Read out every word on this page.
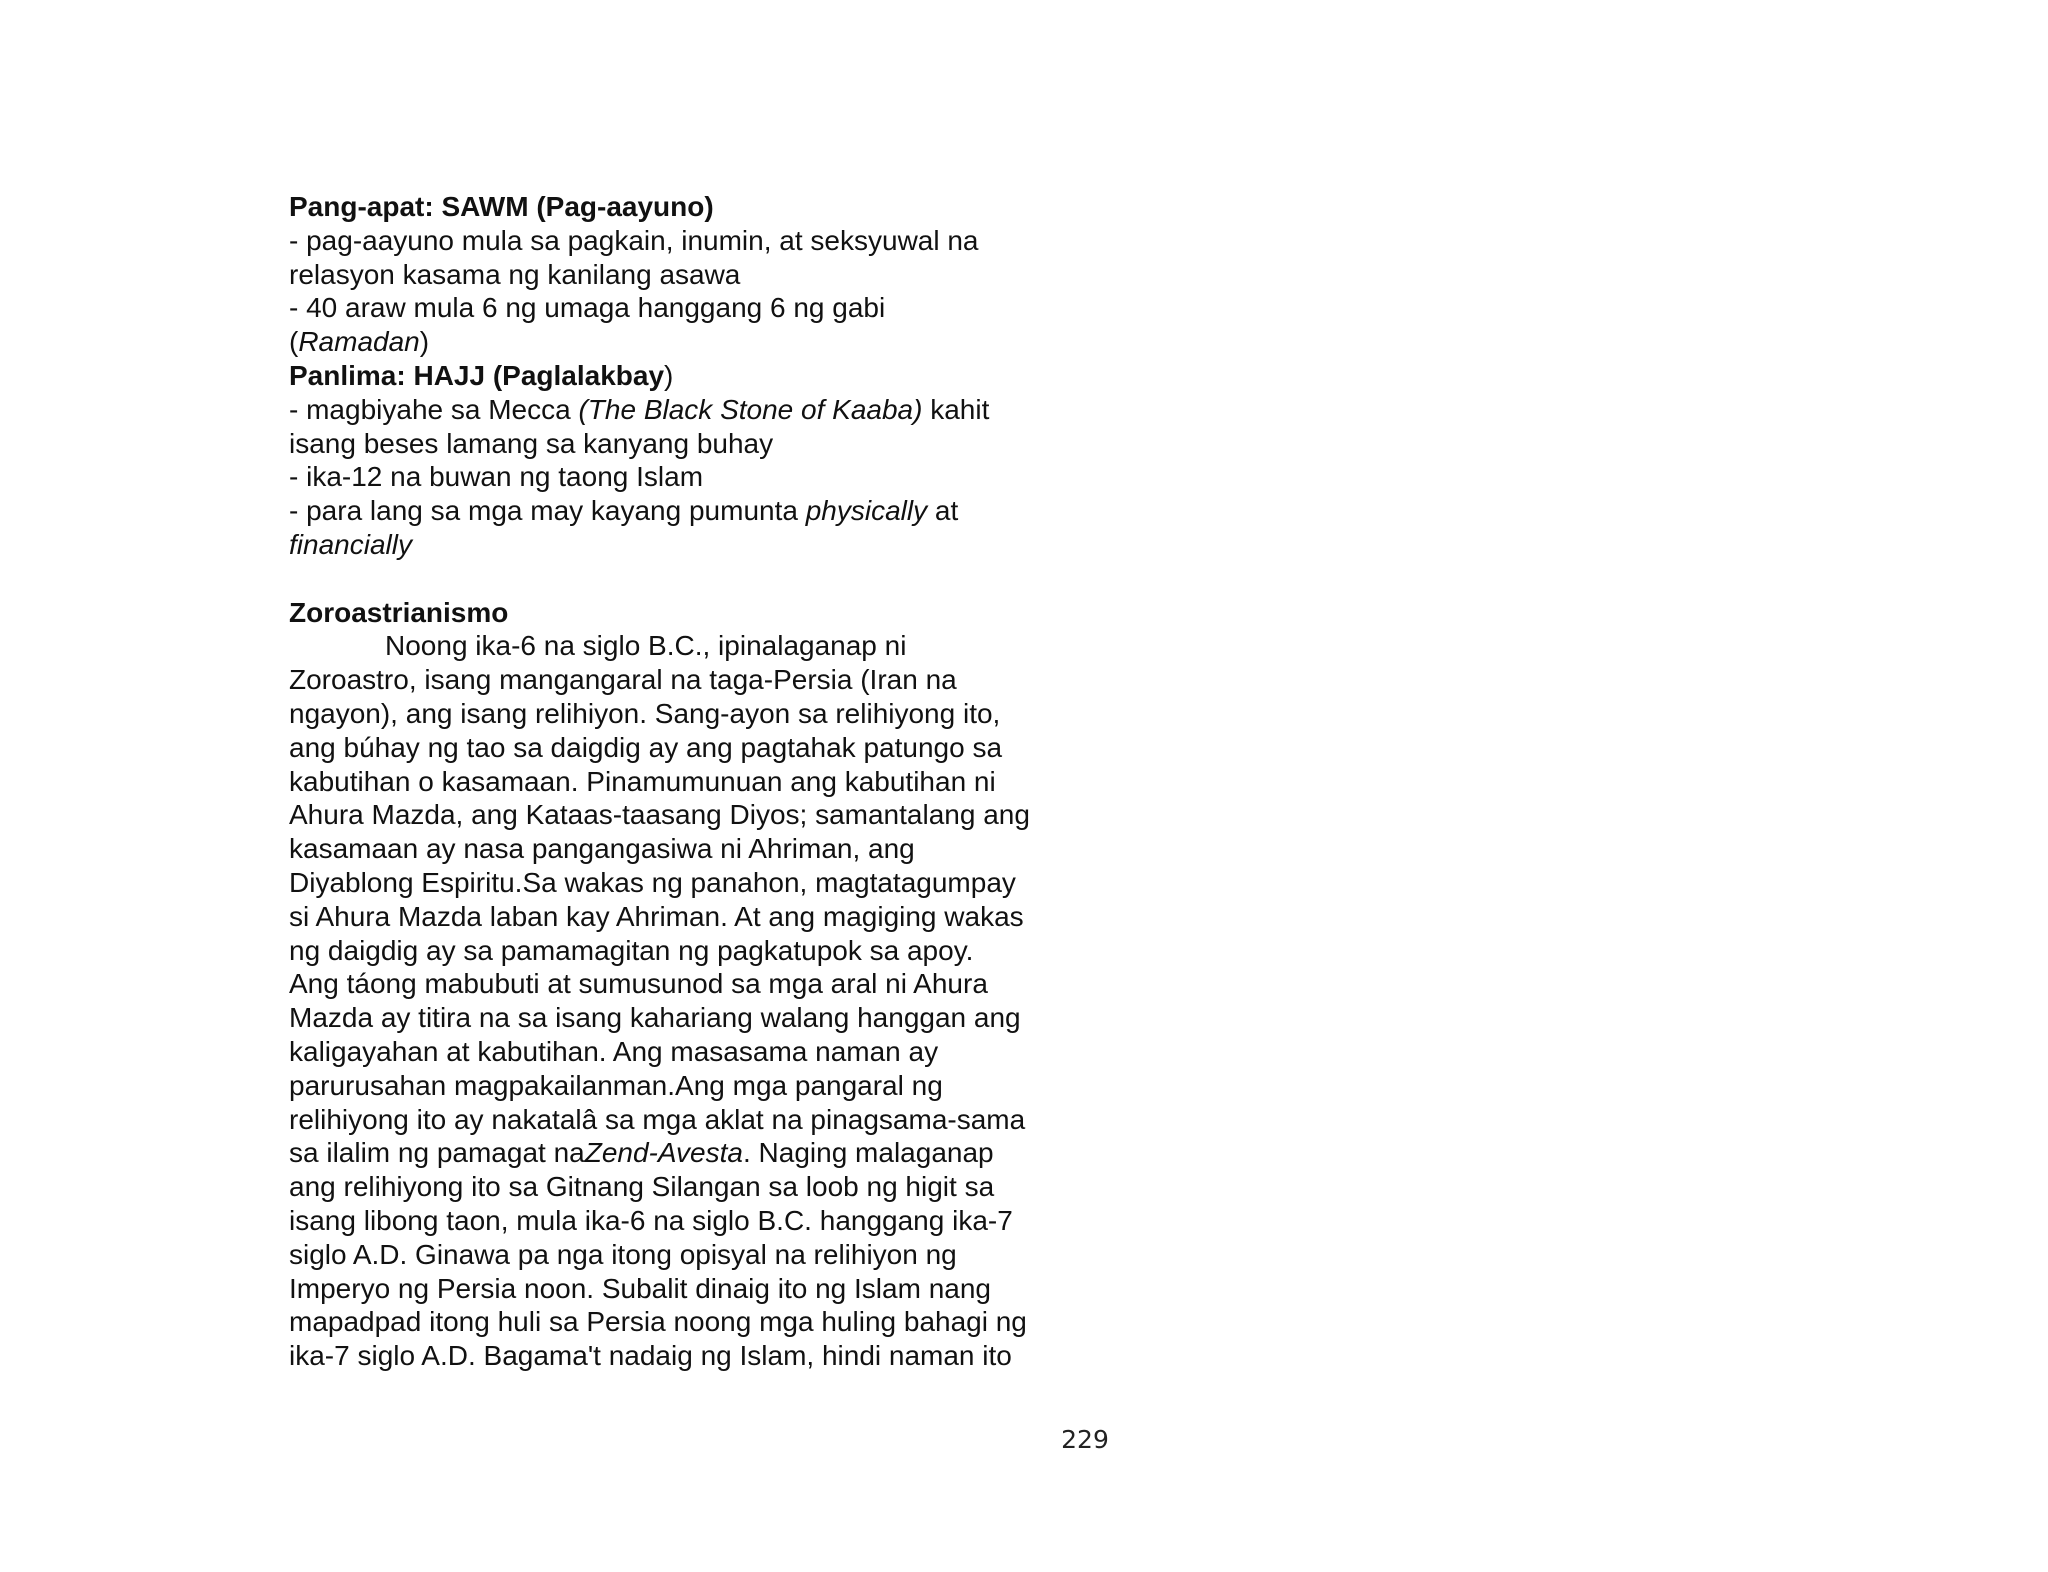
Pang-apat: SAWM (Pag-aayuno)
- pag-aayuno mula sa pagkain, inumin, at seksyuwal na
relasyon kasama ng kanilang asawa
- 40 araw mula 6 ng umaga hanggang 6 ng gabi
(Ramadan)
Panlima: HAJJ (Paglalakbay)
- magbiyahe sa Mecca (The Black Stone of Kaaba) kahit
isang beses lamang sa kanyang buhay
- ika-12 na buwan ng taong Islam
- para lang sa mga may kayang pumunta physically at
financially
Zoroastrianismo
Noong ika-6 na siglo B.C., ipinalaganap ni
Zoroastro, isang mangangaral na taga-Persia (Iran na
ngayon), ang isang relihiyon. Sang-ayon sa relihiyong ito,
ang búhay ng tao sa daigdig ay ang pagtahak patungo sa
kabutihan o kasamaan. Pinamumunuan ang kabutihan ni
Ahura Mazda, ang Kataas-taasang Diyos; samantalang ang
kasamaan ay nasa pangangasiwa ni Ahriman, ang
Diyablong Espiritu.Sa wakas ng panahon, magtatagumpay
si Ahura Mazda laban kay Ahriman. At ang magiging wakas
ng daigdig ay sa pamamagitan ng pagkatupok sa apoy.
Ang táong mabubuti at sumusunod sa mga aral ni Ahura
Mazda ay titira na sa isang kahariang walang hanggan ang
kaligayahan at kabutihan. Ang masasama naman ay
parurusahan magpakailanman.Ang mga pangaral ng
relihiyong ito ay nakatalâ sa mga aklat na pinagsama-sama
sa ilalim ng pamagat naZend-Avesta. Naging malaganap
ang relihiyong ito sa Gitnang Silangan sa loob ng higit sa
isang libong taon, mula ika-6 na siglo B.C. hanggang ika-7
siglo A.D. Ginawa pa nga itong opisyal na relihiyon ng
Imperyo ng Persia noon. Subalit dinaig ito ng Islam nang
mapadpad itong huli sa Persia noong mga huling bahagi ng
ika-7 siglo A.D. Bagama't nadaig ng Islam, hindi naman ito
229
